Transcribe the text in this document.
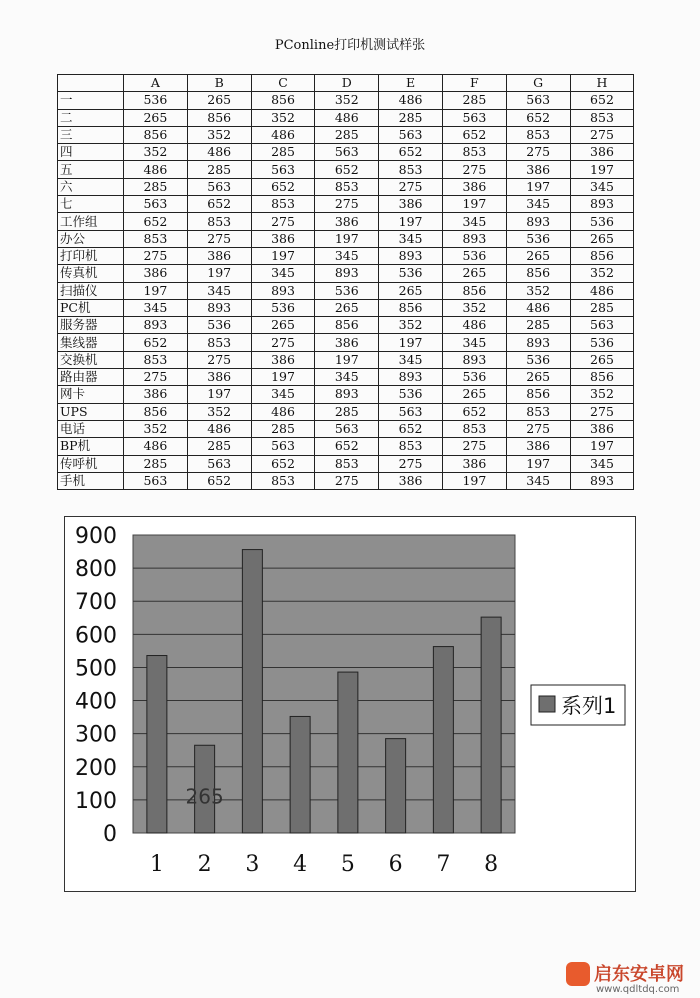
PConline打印机测试样张
	A	B	C	D	E	F	G	H
一	536	265	856	352	486	285	563	652
二	265	856	352	486	285	563	652	853
三	856	352	486	285	563	652	853	275
四	352	486	285	563	652	853	275	386
五	486	285	563	652	853	275	386	197
六	285	563	652	853	275	386	197	345
七	563	652	853	275	386	197	345	893
工作组	652	853	275	386	197	345	893	536
办公	853	275	386	197	345	893	536	265
打印机	275	386	197	345	893	536	265	856
传真机	386	197	345	893	536	265	856	352
扫描仪	197	345	893	536	265	856	352	486
PC机	345	893	536	265	856	352	486	285
服务器	893	536	265	856	352	486	285	563
集线器	652	853	275	386	197	345	893	536
交换机	853	275	386	197	345	893	536	265
路由器	275	386	197	345	893	536	265	856
网卡	386	197	345	893	536	265	856	352
UPS	856	352	486	285	563	652	853	275
电话	352	486	285	563	652	853	275	386
BP机	486	285	563	652	853	275	386	197
传呼机	285	563	652	853	275	386	197	345
手机	563	652	853	275	386	197	345	893
0
100
200
300
400
500
600
700
800
900
1 2 3 4 5 6 7 8
265
系列1
启东安卓网
www.qdltdq.com
